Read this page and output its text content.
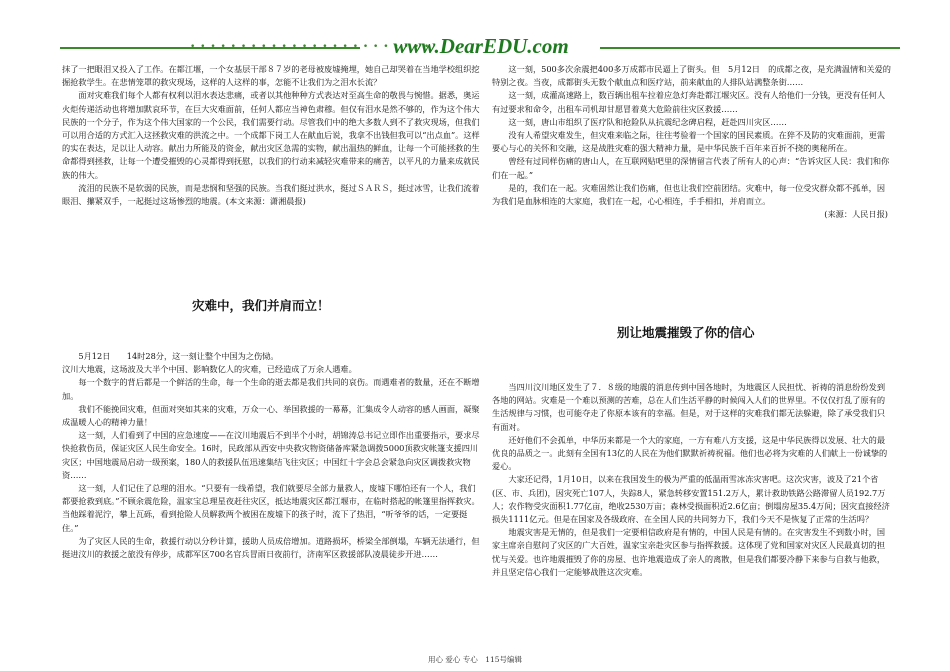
• • • • • • • • • • • • • • • • • • • • • • • •
www.DearEDU.com

抹了一把眼泪又投入了工作。在都江堰，一个女基层干部８７岁的老母被废墟掩埋，她自己却哭着在当地学校组织挖掘抢救学生。在悲情笼罩的救灾现场，这样的人这样的事，怎能不让我们为之泪水长流？

面对灾难我们每个人都有权利以泪水表达悲痛，或者以其他种种方式表达对至高生命的敬畏与惋惜。据悉，奥运火炬传递活动也将增加默哀环节，在巨大灾难面前，任何人都应当神色肃穆。但仅有泪水是然不够的，作为这个伟大民族的一个分子，作为这个伟大国家的一个公民，我们需要行动。尽管我们中的绝大多数人到不了救灾现场，但我们可以用合适的方式汇入这拯救灾难的洪流之中。一个成都下岗工人在献血后说，我拿不出钱但我可以“出点血”。这样的实在表达，足以让人动容。献出力所能及的资金，献出灾区急需的实物，献出温热的鲜血，让每一个可能拯救的生命都得到拯救，让每一个遭受摧毁的心灵都得到抚慰，以我们的行动来减轻灾难带来的痛苦，以平凡的力量来成就民族的伟大。

流泪的民族不是软弱的民族，而是悲悯和坚强的民族。当我们挺过洪水，挺过ＳＡＲＳ，挺过冰雪，让我们流着眼泪、攥紧双手，一起挺过这场惨烈的地震。(本文来源：潇湘晨报)

灾难中，我们并肩而立！

5月12日　　14时28分，这一刻让整个中国为之伤恸。

汶川大地震，这场波及大半个中国、影响数亿人的灾难，已经造成了万余人遇难。

每一个数字的背后都是一个鲜活的生命，每一个生命的逝去都是我们共同的哀伤。而遇难者的数量，还在不断增加。

我们不能挽回灾难，但面对突如其来的灾难，万众一心、举国救援的一幕幕，汇集成令人动容的感人画面，凝聚成温暖人心的精神力量！

这一刻，人们看到了中国的应急速度——在汶川地震后不到半个小时，胡锦涛总书记立即作出重要指示，要求尽快抢救伤员，保证灾区人民生命安全。16时，民政部从西安中央救灾物资储备库紧急调拨5000顶救灾帐篷支援四川灾区；中国地震局启动一级预案，180人的救援队伍迅速集结飞往灾区；中国红十字会总会紧急向灾区调拨救灾物资……

这一刻，人们记住了总理的泪水。“只要有一线希望，我们就要尽全部力量救人，废墟下哪怕还有一个人，我们都要抢救到底。”不顾余震危险，温家宝总理星夜赶往灾区，抵达地震灾区都江堰市，在临时搭起的帐篷里指挥救灾。当他踩着泥泞，攀上瓦砾，看到抢险人员解救两个被困在废墟下的孩子时，流下了热泪，“听爷爷的话，一定要挺住。”

为了灾区人民的生命，救援行动以分秒计算，援助人员成倍增加。道路损坏，桥梁全部倒塌，车辆无法通行，但挺进汶川的救援之旅没有停步，成都军区700名官兵冒雨日夜前行，济南军区救援部队凌晨徒步开进……

这一刻，500多次余震把400多万成都市民逼上了街头。但　5月12日　的成都之夜，是充满温情和关爱的特别之夜。当夜，成都街头无数个献血点和医疗站，前来献血的人排队站满整条街……

这一刻，成灌高速路上，数百辆出租车拉着应急灯奔赴都江堰灾区。没有人给他们一分钱，更没有任何人有过要求和命令，出租车司机却甘愿冒着莫大危险前往灾区救援……

这一刻，唐山市组织了医疗队和抢险队从抗震纪念碑启程，赶赴四川灾区……

没有人希望灾难发生，但灾难来临之际，往往考验着一个国家的国民素质。在猝不及防的灾难面前，更需要心与心的关怀和交融，这是战胜灾难的强大精神力量，是中华民族千百年来百折不挠的奥秘所在。

曾经有过同样伤痛的唐山人，在互联网贴吧里的深情留言代表了所有人的心声：“告诉灾区人民：我们和你们在一起。”

是的，我们在一起。灾难固然让我们伤痛，但也让我们空前团结。灾难中，每一位受灾群众都不孤单，因为我们是血脉相连的大家庭，我们在一起，心心相连，手手相扣，并肩而立。

(来源：人民日报)

别让地震摧毁了你的信心

当四川汶川地区发生了７．８级的地震的消息传到中国各地时，为地震区人民担忧、祈祷的消息纷纷发到各地的网站。灾难是一个难以预测的苦难，总在人们生活平静的时候闯入人们的世界里。不仅仅打乱了原有的生活规律与习惯，也可能夺走了你原本该有的幸福。但是，对于这样的灾难我们都无法躲避，除了承受我们只有面对。

还好他们不会孤单，中华历来都是一个大的家庭，一方有难八方支援，这是中华民族得以发展、壮大的最优良的品质之一。此刻有全国有13亿的人民在为他们默默祈祷祝福。他们也必将为灾难的人们献上一份诚挚的爱心。

大家还记得，1月10日，以来在我国发生的极为严重的低温雨雪冰冻灾害吧。这次灾害，波及了21个省(区、市、兵团)，因灾死亡107人，失踪8人，紧急转移安置151.2万人，累计救助铁路公路滞留人员192.7万人；农作物受灾面积1.77亿亩，绝收2530万亩；森林受损面积近2.6亿亩；倒塌房屋35.4万间；因灾直接经济损失1111亿元。但是在国家及各级政府、在全国人民的共同努力下，我们今天不是恢复了正常的生活吗？

地震灾害是无情的，但是我们一定要相信政府是有情的，中国人民是有情的。在灾害发生不到数小时，国家主席亲自慰问了灾区的广大百姓，温家宝亲赴灾区参与指挥救援。这体现了党和国家对灾区人民最真切的担忧与关爱。也许地震摧毁了你的房屋、也许地震造成了亲人的离散，但是我们都要冷静下来参与自救与他救，并且坚定信心我们一定能够战胜这次灾难。

用心 爱心 专心　115号编辑
